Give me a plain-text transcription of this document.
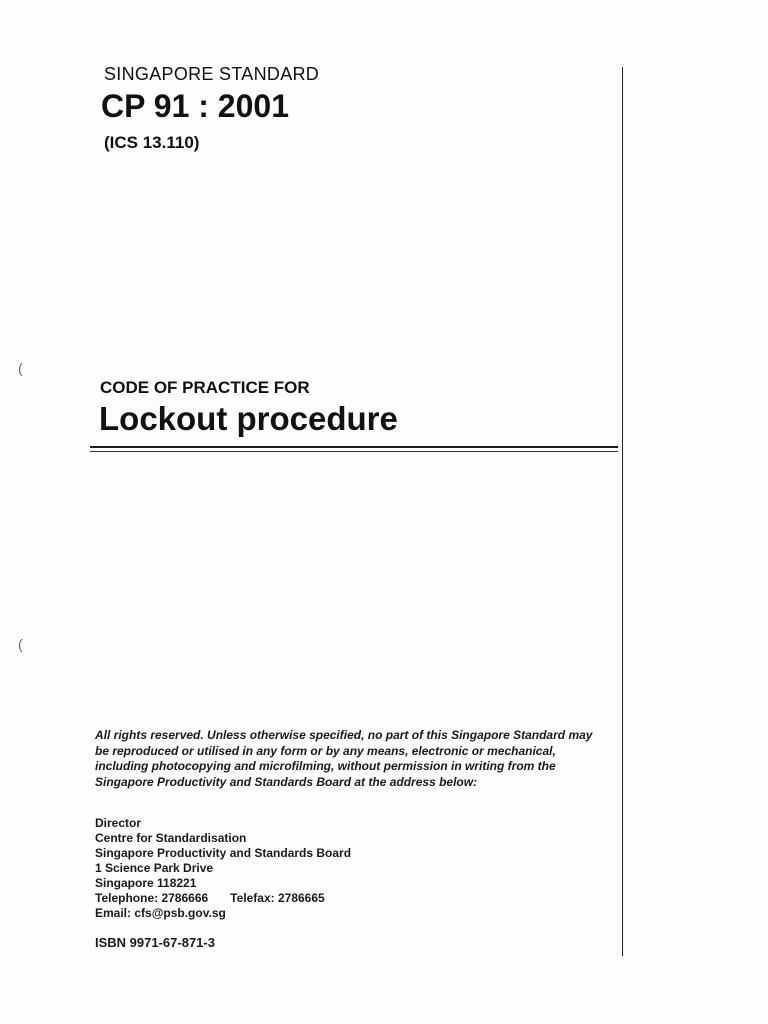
SINGAPORE STANDARD
CP 91 : 2001
(ICS 13.110)
CODE OF PRACTICE FOR
Lockout procedure
All rights reserved. Unless otherwise specified, no part of this Singapore Standard may be reproduced or utilised in any form or by any means, electronic or mechanical, including photocopying and microfilming, without permission in writing from the Singapore Productivity and Standards Board at the address below:
Director
Centre for Standardisation
Singapore Productivity and Standards Board
1 Science Park Drive
Singapore 118221
Telephone: 2786666 Telefax: 2786665
Email: cfs@psb.gov.sg
ISBN 9971-67-871-3
(
(
